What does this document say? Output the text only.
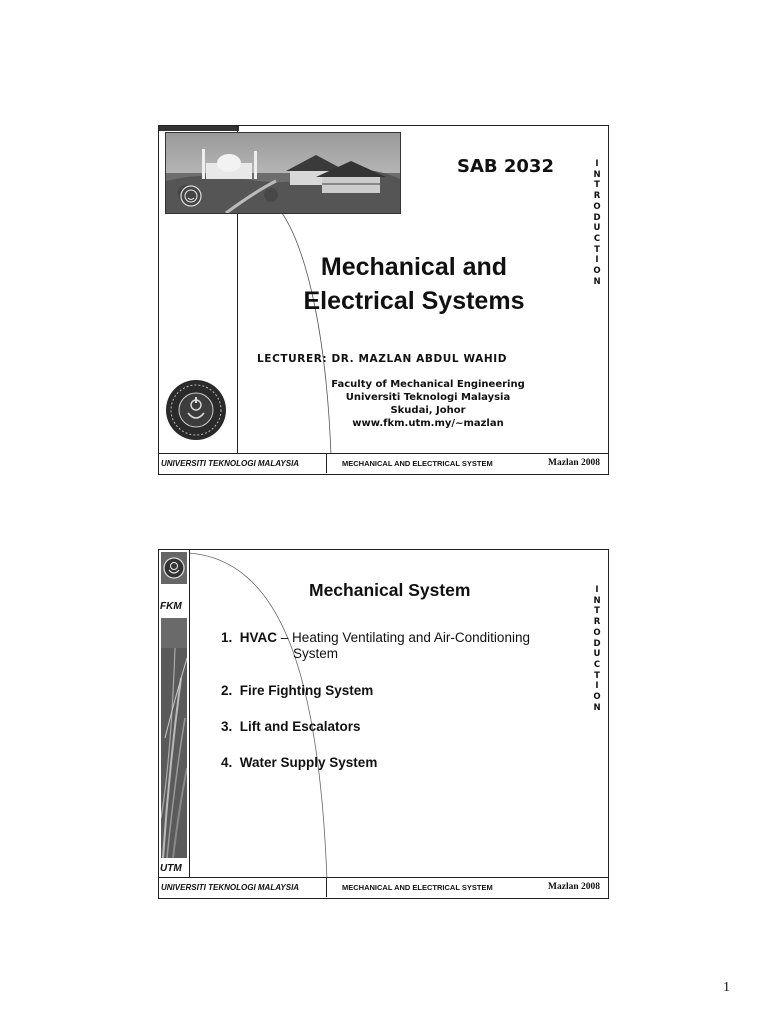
SAB 2032
Mechanical and
Electrical Systems
LECTURER: DR. MAZLAN ABDUL WAHID
Faculty of Mechanical Engineering
Universiti Teknologi Malaysia
Skudai, Johor
www.fkm.utm.my/~mazlan
I
N
T
R
O
D
U
C
T
I
O
N
UNIVERSITI TEKNOLOGI MALAYSIA	MECHANICAL AND ELECTRICAL SYSTEM	Mazlan 2008
FKM
UTM
Mechanical System
1. HVAC – Heating Ventilating and Air-Conditioning
System
2. Fire Fighting System
3. Lift and Escalators
4. Water Supply System
I
N
T
R
O
D
U
C
T
I
O
N
UNIVERSITI TEKNOLOGI MALAYSIA	MECHANICAL AND ELECTRICAL SYSTEM	Mazlan 2008
1
